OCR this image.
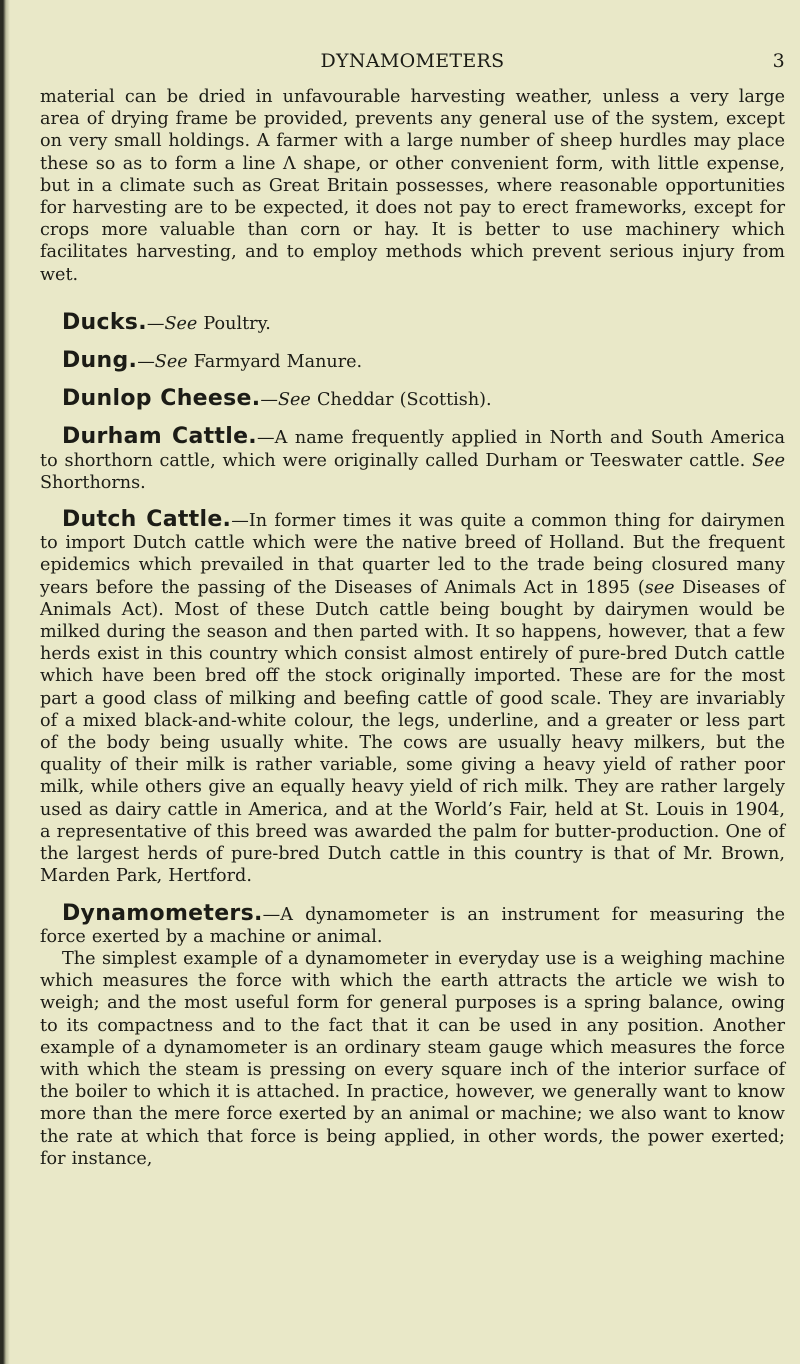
DYNAMOMETERS	3

material can be dried in unfavourable harvesting weather, unless a very large area of drying frame be provided, prevents any general use of the system, except on very small holdings. A farmer with a large number of sheep hurdles may place these so as to form a line Λ shape, or other convenient form, with little expense, but in a climate such as Great Britain possesses, where reasonable opportunities for harvesting are to be expected, it does not pay to erect frameworks, except for crops more valuable than corn or hay. It is better to use machinery which facilitates harvesting, and to employ methods which prevent serious injury from wet.

Ducks.—See Poultry.

Dung.—See Farmyard Manure.

Dunlop Cheese.—See Cheddar (Scottish).

Durham Cattle.—A name frequently applied in North and South America to shorthorn cattle, which were originally called Durham or Teeswater cattle. See Shorthorns.

Dutch Cattle.—In former times it was quite a common thing for dairymen to import Dutch cattle which were the native breed of Holland. But the frequent epidemics which prevailed in that quarter led to the trade being closured many years before the passing of the Diseases of Animals Act in 1895 (see Diseases of Animals Act). Most of these Dutch cattle being bought by dairymen would be milked during the season and then parted with. It so happens, however, that a few herds exist in this country which consist almost entirely of pure-bred Dutch cattle which have been bred off the stock originally imported. These are for the most part a good class of milking and beefing cattle of good scale. They are invariably of a mixed black-and-white colour, the legs, underline, and a greater or less part of the body being usually white. The cows are usually heavy milkers, but the quality of their milk is rather variable, some giving a heavy yield of rather poor milk, while others give an equally heavy yield of rich milk. They are rather largely used as dairy cattle in America, and at the World’s Fair, held at St. Louis in 1904, a representative of this breed was awarded the palm for butter-production. One of the largest herds of pure-bred Dutch cattle in this country is that of Mr. Brown, Marden Park, Hertford.

Dynamometers.—A dynamometer is an instrument for measuring the force exerted by a machine or animal.

The simplest example of a dynamometer in everyday use is a weighing machine which measures the force with which the earth attracts the article we wish to weigh; and the most useful form for general purposes is a spring balance, owing to its compactness and to the fact that it can be used in any position. Another example of a dynamometer is an ordinary steam gauge which measures the force with which the steam is pressing on every square inch of the interior surface of the boiler to which it is attached. In practice, however, we generally want to know more than the mere force exerted by an animal or machine; we also want to know the rate at which that force is being applied, in other words, the power exerted; for instance,
